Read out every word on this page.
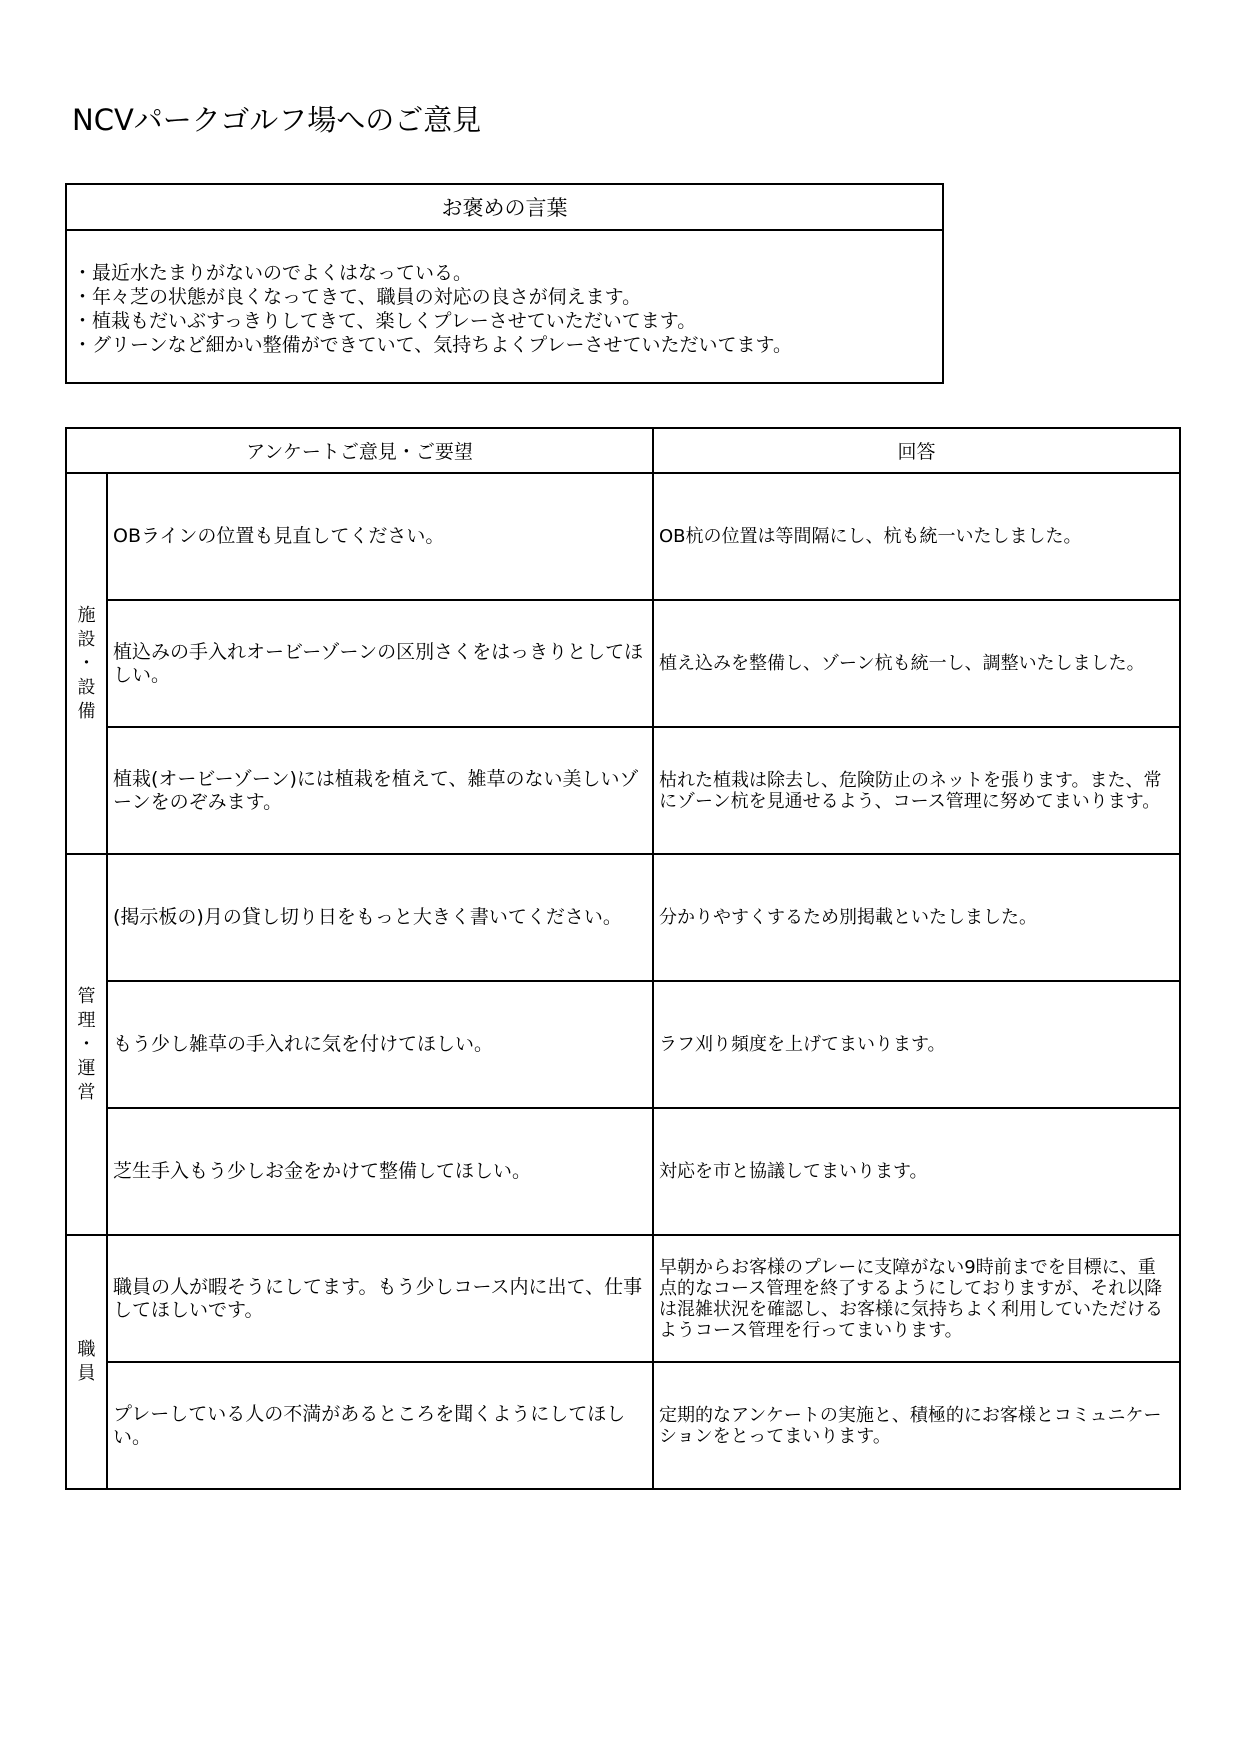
NCVパークゴルフ場へのご意見
お褒めの言葉
・最近水たまりがないのでよくはなっている。
・年々芝の状態が良くなってきて、職員の対応の良さが伺えます。
・植栽もだいぶすっきりしてきて、楽しくプレーさせていただいてます。
・グリーンなど細かい整備ができていて、気持ちよくプレーさせていただいてます。
アンケートご意見・ご要望		回答

施
設
・
設
備	OBラインの位置も見直してください。	OB杭の位置は等間隔にし、杭も統一いたしました。
	植込みの手入れオービーゾーンの区別さくをはっきりとしてほしい。	植え込みを整備し、ゾーン杭も統一し、調整いたしました。
	植栽(オービーゾーン)には植栽を植えて、雑草のない美しいゾーンをのぞみます。	枯れた植栽は除去し、危険防止のネットを張ります。また、常にゾーン杭を見通せるよう、コース管理に努めてまいります。

管
理
・
運
営	(掲示板の)月の貸し切り日をもっと大きく書いてください。	分かりやすくするため別掲載といたしました。
	もう少し雑草の手入れに気を付けてほしい。	ラフ刈り頻度を上げてまいります。
	芝生手入もう少しお金をかけて整備してほしい。	対応を市と協議してまいります。

職
員	職員の人が暇そうにしてます。もう少しコース内に出て、仕事してほしいです。	早朝からお客様のプレーに支障がない9時前までを目標に、重点的なコース管理を終了するようにしておりますが、それ以降は混雑状況を確認し、お客様に気持ちよく利用していただけるようコース管理を行ってまいります。
	プレーしている人の不満があるところを聞くようにしてほしい。	定期的なアンケートの実施と、積極的にお客様とコミュニケーションをとってまいります。
